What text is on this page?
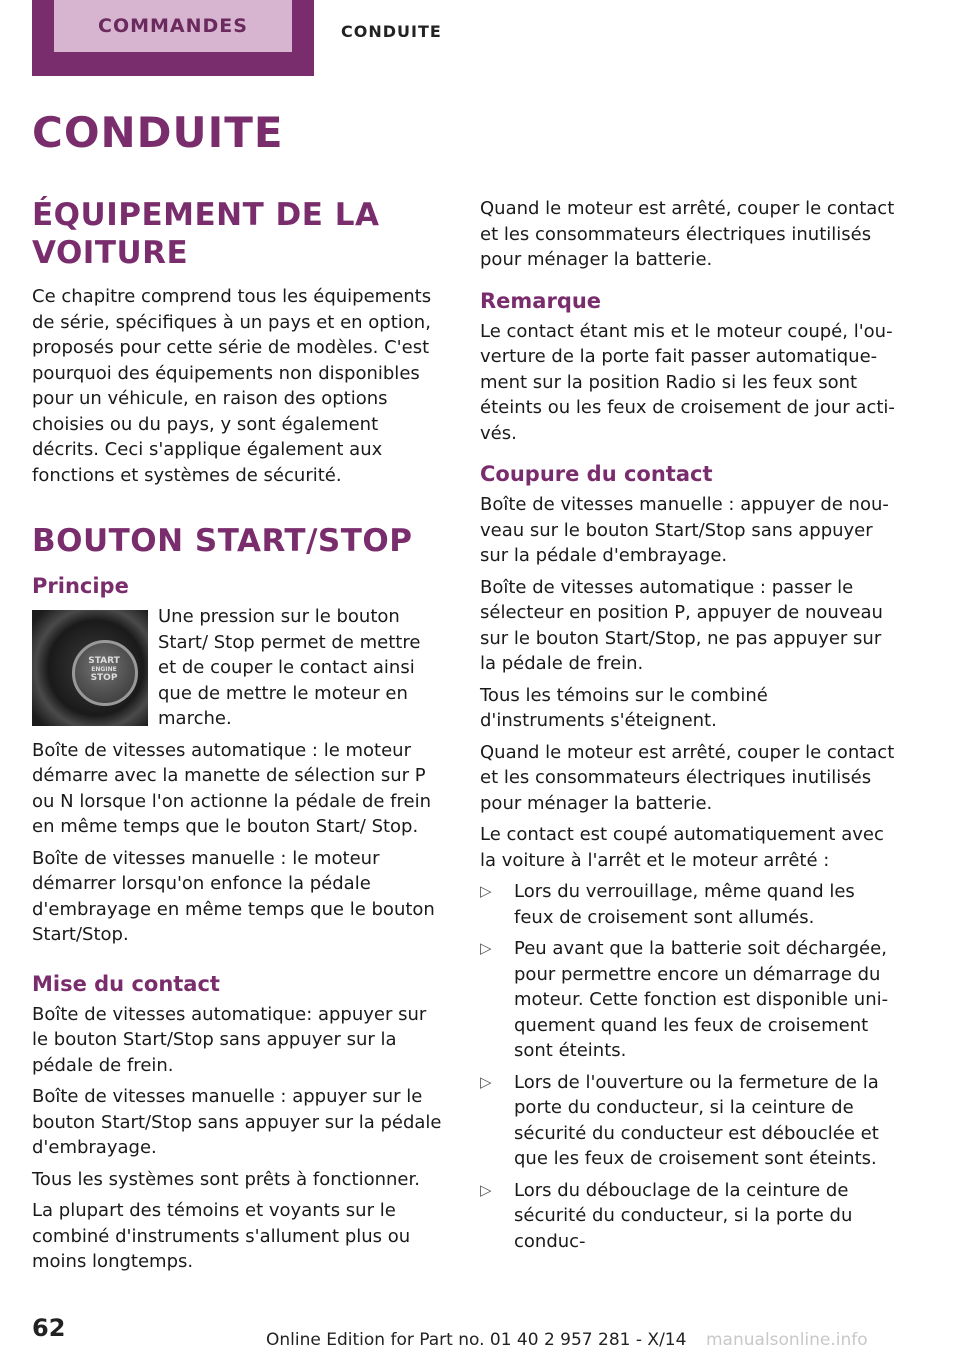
COMMANDES	CONDUITE
CONDUITE
ÉQUIPEMENT DE LA VOITURE

Ce chapitre comprend tous les équipements de série, spécifiques à un pays et en option, proposés pour cette série de modèles. C'est pourquoi des équipements non disponibles pour un véhicule, en raison des options choisies ou du pays, y sont également décrits. Ceci s'applique également aux fonctions et systèmes de sécurité.

BOUTON START/STOP
Principe
START
ENGINE
STOP

Une pression sur le bouton Start/ Stop permet de mettre et de couper le contact ainsi que de mettre le moteur en marche.

Boîte de vitesses automatique : le moteur démarre avec la manette de sélection sur P ou N lorsque l'on actionne la pédale de frein en même temps que le bouton Start/ Stop.

Boîte de vitesses manuelle : le moteur démarrer lorsqu'on enfonce la pédale d'embrayage en même temps que le bouton Start/Stop.

Mise du contact

Boîte de vitesses automatique: appuyer sur le bouton Start/Stop sans appuyer sur la pédale de frein.

Boîte de vitesses manuelle : appuyer sur le bouton Start/Stop sans appuyer sur la pédale d'embrayage.

Tous les systèmes sont prêts à fonctionner.

La plupart des témoins et voyants sur le combiné d'instruments s'allument plus ou moins longtemps.

Quand le moteur est arrêté, couper le contact et les consommateurs électriques inutilisés pour ménager la batterie.

Remarque

Le contact étant mis et le moteur coupé, l'ouverture de la porte fait passer automatiquement sur la position Radio si les feux sont éteints ou les feux de croisement de jour activés.

Coupure du contact

Boîte de vitesses manuelle : appuyer de nouveau sur le bouton Start/Stop sans appuyer sur la pédale d'embrayage.

Boîte de vitesses automatique : passer le sélecteur en position P, appuyer de nouveau sur le bouton Start/Stop, ne pas appuyer sur la pédale de frein.

Tous les témoins sur le combiné d'instruments s'éteignent.

Quand le moteur est arrêté, couper le contact et les consommateurs électriques inutilisés pour ménager la batterie.

Le contact est coupé automatiquement avec la voiture à l'arrêt et le moteur arrêté :

▷ Lors du verrouillage, même quand les feux de croisement sont allumés.
▷ Peu avant que la batterie soit déchargée, pour permettre encore un démarrage du moteur. Cette fonction est disponible uniquement quand les feux de croisement sont éteints.
▷ Lors de l'ouverture ou la fermeture de la porte du conducteur, si la ceinture de sécurité du conducteur est débouclée et que les feux de croisement sont éteints.
▷ Lors du débouclage de la ceinture de sécurité du conducteur, si la porte du conduc-
62	Online Edition for Part no. 01 40 2 957 281 - X/14 manualsonline.info
